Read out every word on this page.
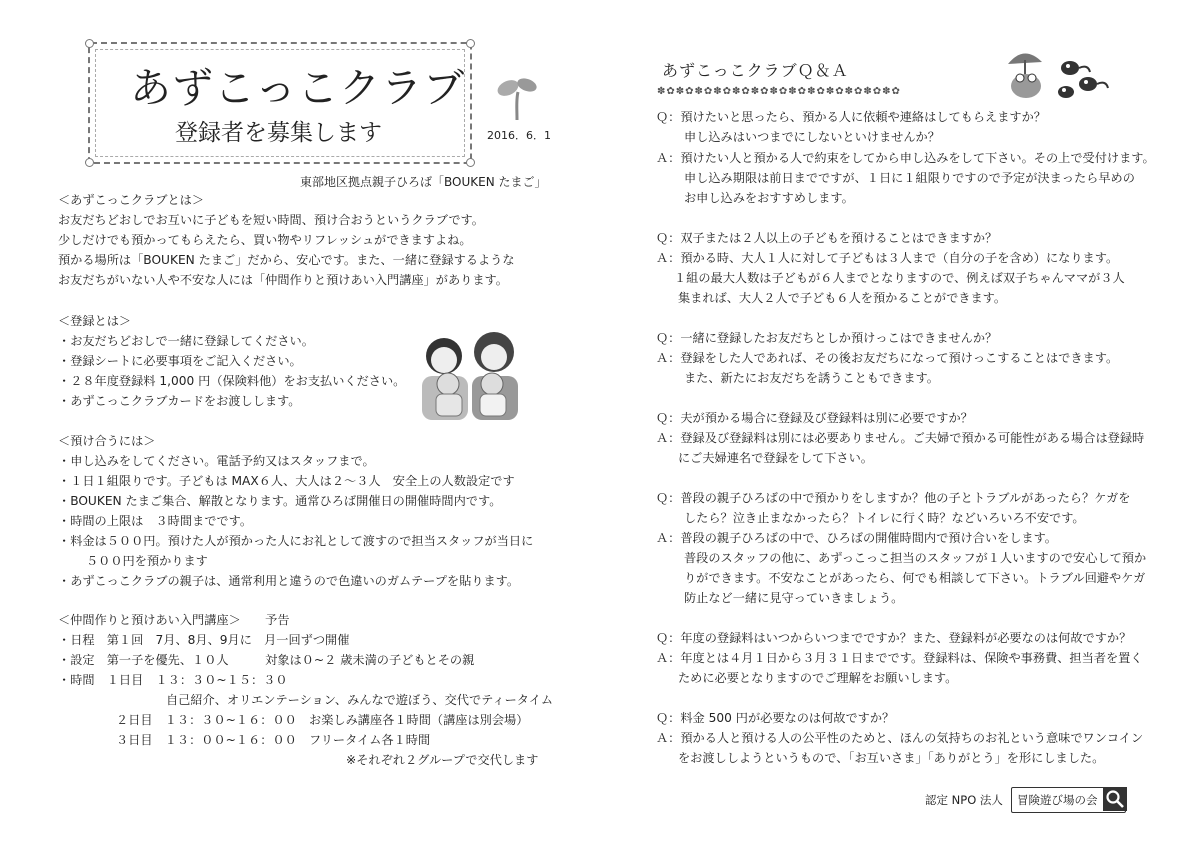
あずこっこクラブ
登録者を募集します	2016．6．1
東部地区拠点親子ひろば「BOUKEN たまご」
＜あずこっこクラブとは＞
お友だちどおしでお互いに子どもを短い時間、預け合おうというクラブです。
少しだけでも預かってもらえたら、買い物やリフレッシュができますよね。
預かる場所は「BOUKEN たまご」だから、安心です。また、一緒に登録するような
お友だちがいない人や不安な人には「仲間作りと預けあい入門講座」があります。
＜登録とは＞
・ お友だちどおしで一緒に登録してください。
・ 登録シートに必要事項をご記入ください。
・ ２８年度登録料 1,000 円（保険料他）をお支払いください。
・ あずこっこクラブカードをお渡しします。
＜預け合うには＞
・ 申し込みをしてください。電話予約又はスタッフまで。
・ １日１組限りです。子どもは MAX６人、大人は２～３人　安全上の人数設定です
・ BOUKEN たまご集合、解散となります。通常ひろば開催日の開催時間内です。
・ 時間の上限は　３時間までです。
・ 料金は５００円。預けた人が預かった人にお礼として渡すので担当スタッフが当日に
５００円を預かります
・ あずこっこクラブの親子は、通常利用と違うので色違いのガムテープを貼ります。
＜仲間作りと預けあい入門講座＞　　予告
・ 日程　第１回　7月、8月、9月に　月一回ずつ開催
・ 設定　第一子を優先、１０人　　　対象は０~２ 歳未満の子どもとその親
・ 時間　１日目　１３：３０~１５：３０
自己紹介、オリエンテーション、みんなで遊ぼう、交代でティータイム
２日目　１３：３０~１６：００　お楽しみ講座各１時間（講座は別会場）
３日目　１３：００~１６：００　フリータイム各１時間
※それぞれ２グループで交代します
あずこっこクラブＱ＆Ａ
✽✿✽✿✽✿✽✿✽✿✽✿✽✿✽✿✽✿✽✿✽✿✽✿✽✿
Ｑ：預けたいと思ったら、預かる人に依頼や連絡はしてもらえますか？
申し込みはいつまでにしないといけませんか？
Ａ：預けたい人と預かる人で約束をしてから申し込みをして下さい。その上で受付けます。
申し込み期限は前日までですが、１日に１組限りですので予定が決まったら早めの
お申し込みをおすすめします。
Ｑ：双子または２人以上の子どもを預けることはできますか？
Ａ：預かる時、大人１人に対して子どもは３人まで（自分の子を含め）になります。
１組の最大人数は子どもが６人までとなりますので、例えば双子ちゃんママが３人
集まれば、大人２人で子ども６人を預かることができます。
Ｑ：一緒に登録したお友だちとしか預けっこはできませんか？
Ａ：登録をした人であれば、その後お友だちになって預けっこすることはできます。
また、新たにお友だちを誘うこともできます。
Ｑ：夫が預かる場合に登録及び登録料は別に必要ですか？
Ａ：登録及び登録料は別には必要ありません。ご夫婦で預かる可能性がある場合は登録時
にご夫婦連名で登録をして下さい。
Ｑ：普段の親子ひろばの中で預かりをしますか？他の子とトラブルがあったら？ケガを
したら？泣き止まなかったら？トイレに行く時？などいろいろ不安です。
Ａ：普段の親子ひろばの中で、ひろばの開催時間内で預け合いをします。
普段のスタッフの他に、あずっこっこ担当のスタッフが１人いますので安心して預か
りができます。不安なことがあったら、何でも相談して下さい。トラブル回避やケガ
防止など一緒に見守っていきましょう。
Ｑ：年度の登録料はいつからいつまでですか？また、登録料が必要なのは何故ですか？
Ａ：年度とは４月１日から３月３１日までです。登録料は、保険や事務費、担当者を置く
ために必要となりますのでご理解をお願いします。
Ｑ：料金 500 円が必要なのは何故ですか？
Ａ：預かる人と預ける人の公平性のためと、ほんの気持ちのお礼という意味でワンコイン
をお渡ししようというもので、「お互いさま」「ありがとう」を形にしました。
認定 NPO 法人 冒険遊び場の会
